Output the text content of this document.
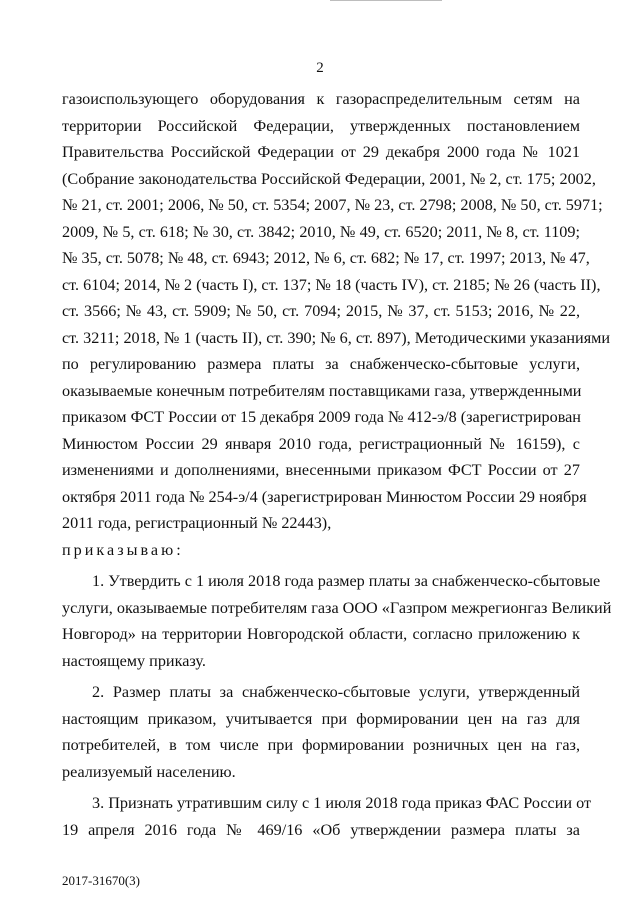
2
газоиспользующего оборудования к газораспределительным сетям на
территории Российской Федерации, утвержденных постановлением
Правительства Российской Федерации от 29 декабря 2000 года № 1021
(Собрание законодательства Российской Федерации, 2001, № 2, ст. 175; 2002,
№ 21, ст. 2001; 2006, № 50, ст. 5354; 2007, № 23, ст. 2798; 2008, № 50, ст. 5971;
2009, № 5, ст. 618; № 30, ст. 3842; 2010, № 49, ст. 6520; 2011, № 8, ст. 1109;
№ 35, ст. 5078; № 48, ст. 6943; 2012, № 6, ст. 682; № 17, ст. 1997; 2013, № 47,
ст. 6104; 2014, № 2 (часть I), ст. 137; № 18 (часть IV), ст. 2185; № 26 (часть II),
ст. 3566; № 43, ст. 5909; № 50, ст. 7094; 2015, № 37, ст. 5153; 2016, № 22,
ст. 3211; 2018, № 1 (часть II), ст. 390; № 6, ст. 897), Методическими указаниями
по регулированию размера платы за снабженческо-сбытовые услуги,
оказываемые конечным потребителям поставщиками газа, утвержденными
приказом ФСТ России от 15 декабря 2009 года № 412-э/8 (зарегистрирован
Минюстом России 29 января 2010 года, регистрационный № 16159), с
изменениями и дополнениями, внесенными приказом ФСТ России от 27
октября 2011 года № 254-э/4 (зарегистрирован Минюстом России 29 ноября
2011 года, регистрационный № 22443),
приказываю:
1. Утвердить с 1 июля 2018 года размер платы за снабженческо-сбытовые
услуги, оказываемые потребителям газа ООО «Газпром межрегионгаз Великий
Новгород» на территории Новгородской области, согласно приложению к
настоящему приказу.
2. Размер платы за снабженческо-сбытовые услуги, утвержденный
настоящим приказом, учитывается при формировании цен на газ для
потребителей, в том числе при формировании розничных цен на газ,
реализуемый населению.
3. Признать утратившим силу с 1 июля 2018 года приказ ФАС России от
19 апреля 2016 года № 469/16 «Об утверждении размера платы за
2017-31670(3)
